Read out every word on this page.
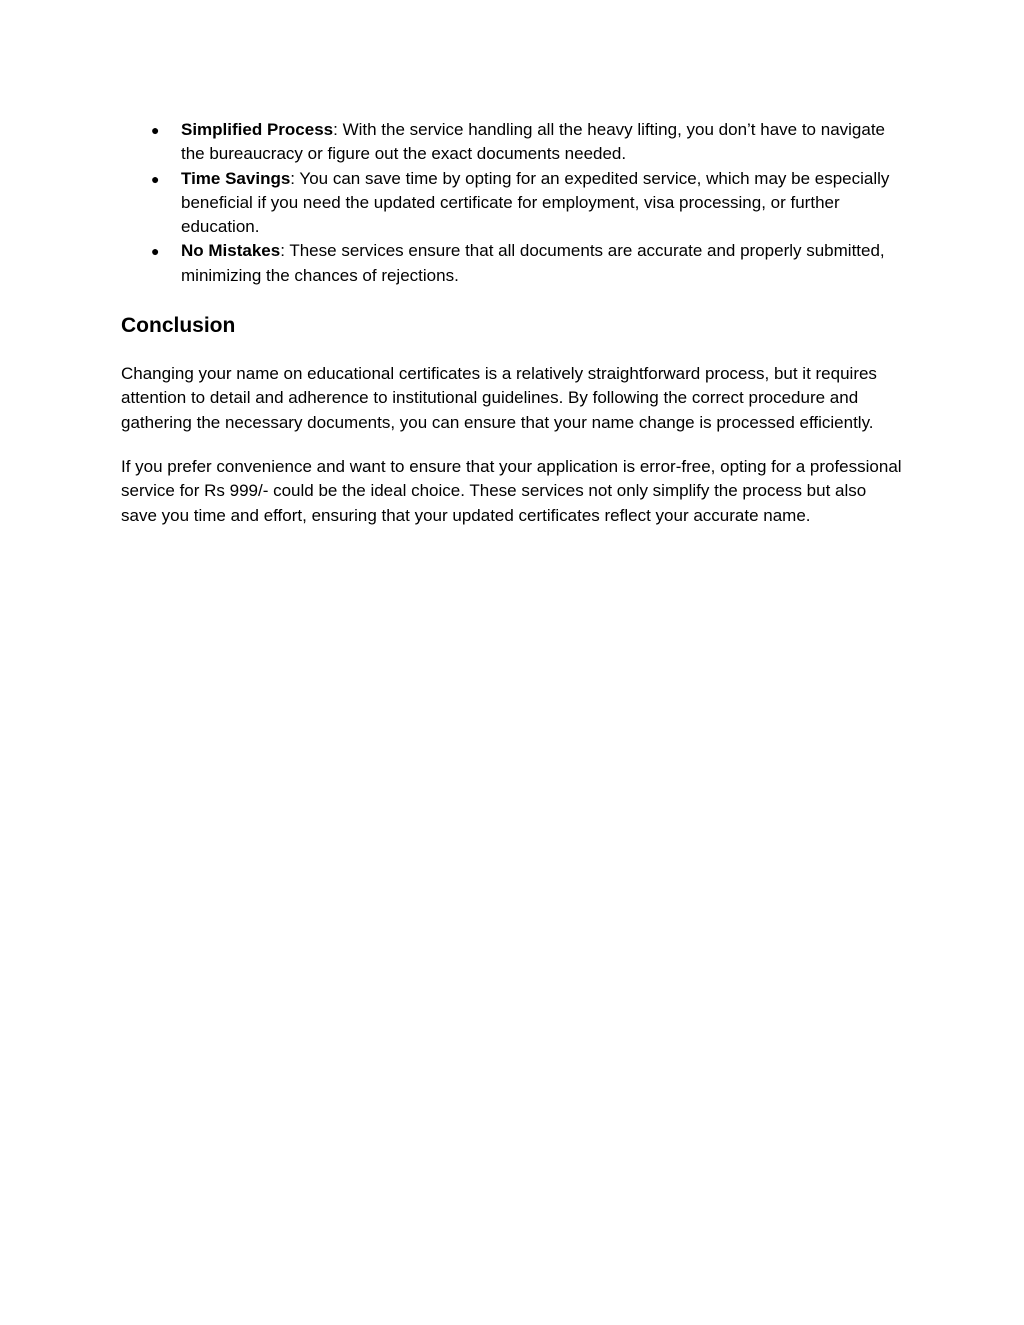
● Simplified Process: With the service handling all the heavy lifting, you don’t have to navigate the bureaucracy or figure out the exact documents needed.
● Time Savings: You can save time by opting for an expedited service, which may be especially beneficial if you need the updated certificate for employment, visa processing, or further education.
● No Mistakes: These services ensure that all documents are accurate and properly submitted, minimizing the chances of rejections.
Conclusion

Changing your name on educational certificates is a relatively straightforward process, but it requires attention to detail and adherence to institutional guidelines. By following the correct procedure and gathering the necessary documents, you can ensure that your name change is processed efficiently.

If you prefer convenience and want to ensure that your application is error-free, opting for a professional service for Rs 999/- could be the ideal choice. These services not only simplify the process but also save you time and effort, ensuring that your updated certificates reflect your accurate name.
